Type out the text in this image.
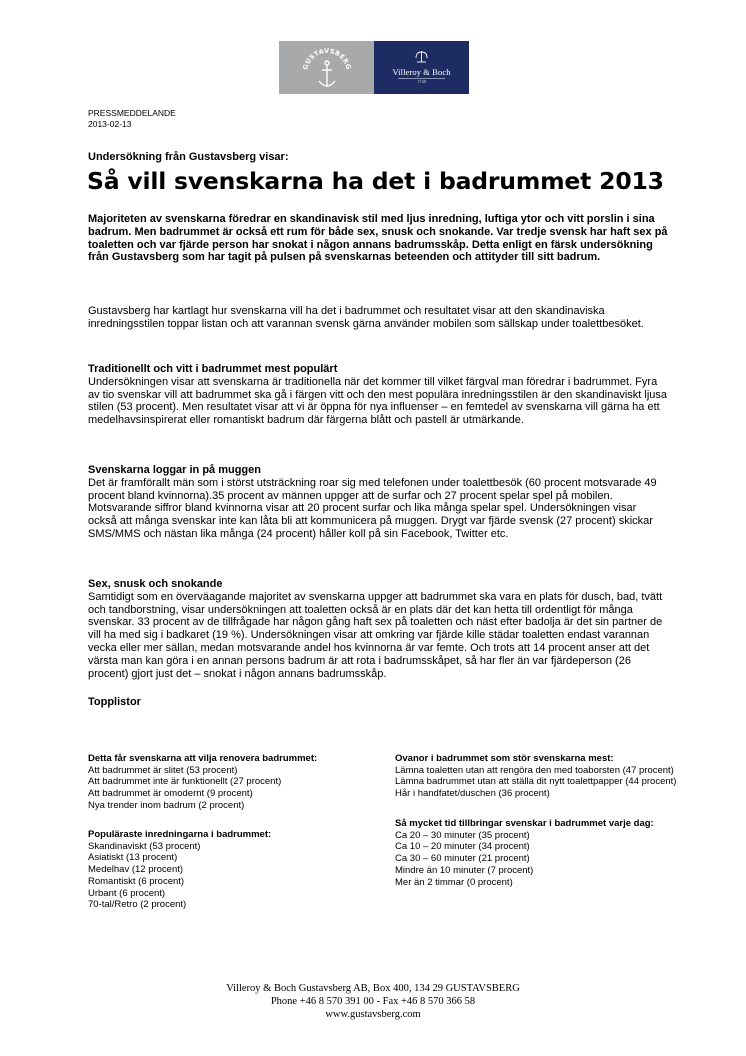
GUSTAVSBERG
Villeroy & Boch
1748
PRESSMEDDELANDE
2013-02-13
Undersökning från Gustavsberg visar:
Så vill svenskarna ha det i badrummet 2013
Majoriteten av svenskarna föredrar en skandinavisk stil med ljus inredning, luftiga ytor och vitt porslin i sina badrum. Men badrummet är också ett rum för både sex, snusk och snokande. Var tredje svensk har haft sex på toaletten och var fjärde person har snokat i någon annans badrumsskåp. Detta enligt en färsk undersökning från Gustavsberg som har tagit på pulsen på svenskarnas beteenden och attityder till sitt badrum.
Gustavsberg har kartlagt hur svenskarna vill ha det i badrummet och resultatet visar att den skandinaviska inredningsstilen toppar listan och att varannan svensk gärna använder mobilen som sällskap under toalettbesöket.
Traditionellt och vitt i badrummet mest populärt

Undersökningen visar att svenskarna är traditionella när det kommer till vilket färgval man föredrar i badrummet. Fyra av tio svenskar vill att badrummet ska gå i färgen vitt och den mest populära inredningsstilen är den skandinaviskt ljusa stilen (53 procent). Men resultatet visar att vi är öppna för nya influenser – en femtedel av svenskarna vill gärna ha ett medelhavsinspirerat eller romantiskt badrum där färgerna blått och pastell är utmärkande.

Svenskarna loggar in på muggen

Det är framförallt män som i störst utsträckning roar sig med telefonen under toalettbesök (60 procent motsvarade 49 procent bland kvinnorna).35 procent av männen uppger att de surfar och 27 procent spelar spel på mobilen. Motsvarande siffror bland kvinnorna visar att 20 procent surfar och lika många spelar spel. Undersökningen visar också att många svenskar inte kan låta bli att kommunicera på muggen. Drygt var fjärde svensk (27 procent) skickar SMS/MMS och nästan lika många (24 procent) håller koll på sin Facebook, Twitter etc.

Sex, snusk och snokande

Samtidigt som en överväagande majoritet av svenskarna uppger att badrummet ska vara en plats för dusch, bad, tvätt och tandborstning, visar undersökningen att toaletten också är en plats där det kan hetta till ordentligt för många svenskar. 33 procent av de tillfrågade har någon gång haft sex på toaletten och näst efter badolja är det sin partner de vill ha med sig i badkaret (19 %). Undersökningen visar att omkring var fjärde kille städar toaletten endast varannan vecka eller mer sällan, medan motsvarande andel hos kvinnorna är var femte. Och trots att 14 procent anser att det värsta man kan göra i en annan persons badrum är att rota i badrumsskåpet, så har fler än var fjärdeperson (26 procent) gjort just det – snokat i någon annans badrumsskåp.

Topplistor
Detta får svenskarna att vilja renovera badrummet:
Att badrummet är slitet (53 procent)
Att badrummet inte är funktionellt (27 procent)
Att badrummet är omodernt (9 procent)
Nya trender inom badrum (2 procent)
Populäraste inredningarna i badrummet:
Skandinaviskt (53 procent)
Asiatiskt (13 procent)
Medelhav (12 procent)
Romantiskt (6 procent)
Urbant (6 procent)
70-tal/Retro (2 procent)
Ovanor i badrummet som stör svenskarna mest:
Lämna toaletten utan att rengöra den med toaborsten (47 procent)
Lämna badrummet utan att ställa dit nytt toalettpapper (44 procent)
Hår i handfatet/duschen (36 procent)
Så mycket tid tillbringar svenskar i badrummet varje dag:
Ca 20 – 30 minuter (35 procent)
Ca 10 – 20 minuter (34 procent)
Ca 30 – 60 minuter (21 procent)
Mindre än 10 minuter (7 procent)
Mer än 2 timmar (0 procent)
Villeroy & Boch Gustavsberg AB, Box 400, 134 29 GUSTAVSBERG
Phone +46 8 570 391 00 - Fax +46 8 570 366 58
www.gustavsberg.com
